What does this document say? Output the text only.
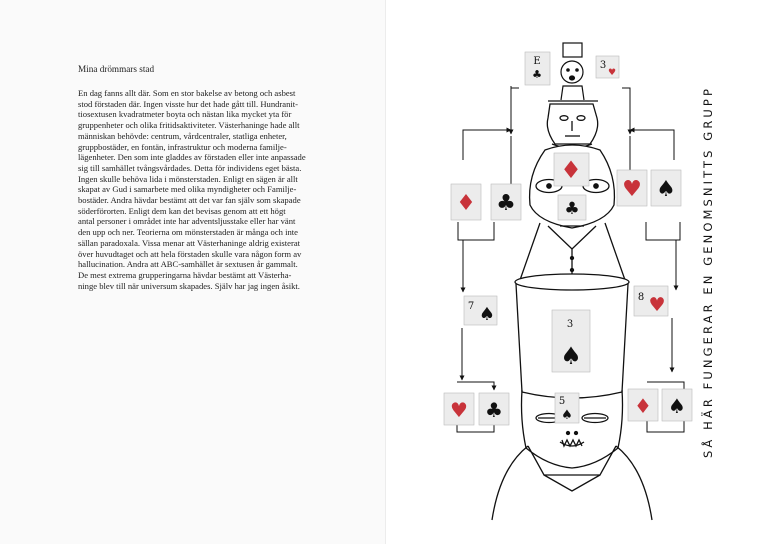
Mina drömmars stad

En dag fanns allt där. Som en stor bakelse av betong och asbest
stod förstaden där. Ingen visste hur det hade gått till. Hundranit-
tiosextusen kvadratmeter boyta och nästan lika mycket yta för
gruppenheter och olika fritidsaktiviteter. Västerhaninge hade allt
människan behövde: centrum, vårdcentraler, statliga enheter,
gruppbostäder, en fontän, infrastruktur och moderna familje-
lägenheter. Den som inte gladdes av förstaden eller inte anpassade
sig till samhället tvångsvårdades. Detta för individens eget bästa.
Ingen skulle behöva lida i mönsterstaden. Enligt en sägen är allt
skapat av Gud i samarbete med olika myndigheter och Familje-
bostäder. Andra hävdar bestämt att det var fan själv som skapade
söderförorten. Enligt dem kan det bevisas genom att ett högt
antal personer i området inte har adventsljusstake eller har vänt
den upp och ner. Teorierna om mönsterstaden är många och inte
sällan paradoxala. Vissa menar att Västerhaninge aldrig existerat
över huvudtaget och att hela förstaden skulle vara någon form av
hallucination. Andra att ABC-samhället är sextusen år gammalt.
De mest extrema grupperingarna hävdar bestämt att Västerha-
ninge blev till när universum skapades. Själv har jag ingen åsikt.

E
♣
3
♥
♦
♣
♦ ♣
♥ ♠
7 ♠
8 ♥
3
♠
5
♠
♥ ♣	♦ ♠ SÅ HÄR FUNGERAR EN GENOMSNITTS GRUPP
